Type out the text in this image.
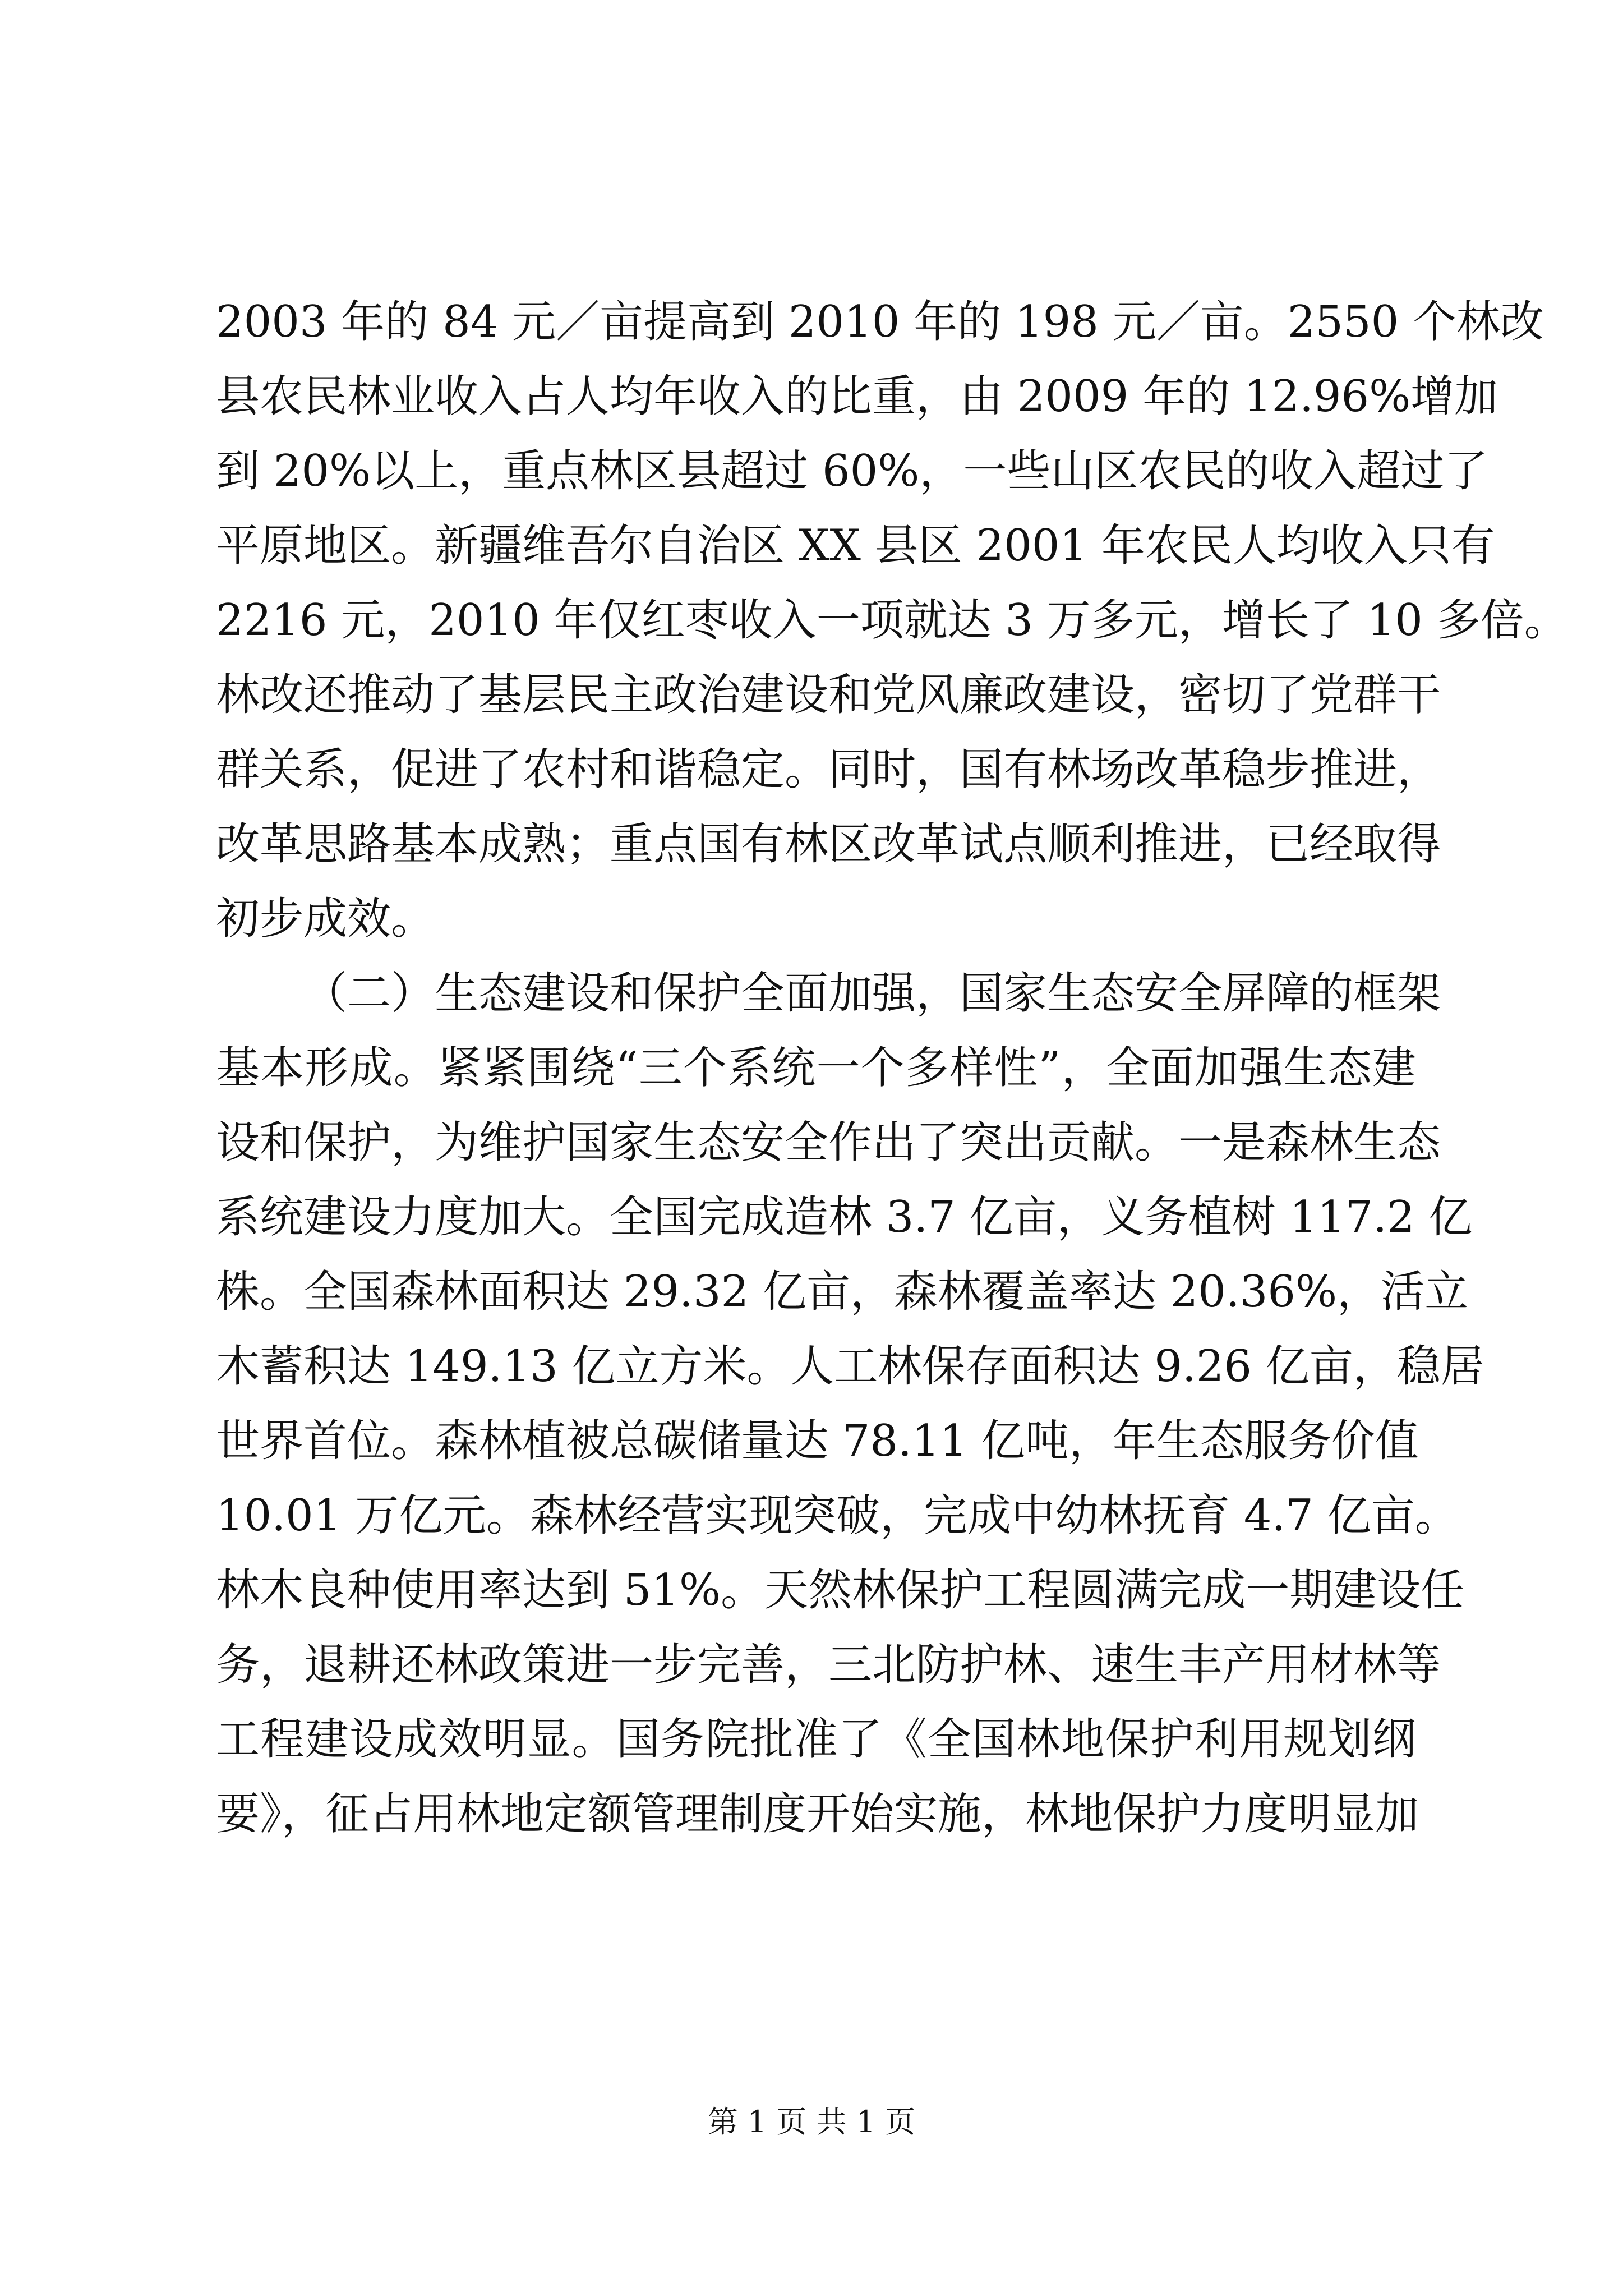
2003 年的 84 元／亩提高到 2010 年的 198 元／亩。2550 个林改
县农民林业收入占人均年收入的比重，由 2009 年的 12.96%增加
到 20%以上，重点林区县超过 60%，一些山区农民的收入超过了
平原地区。新疆维吾尔自治区 XX 县区 2001 年农民人均收入只有
2216 元，2010 年仅红枣收入一项就达 3 万多元，增长了 10 多倍。
林改还推动了基层民主政治建设和党风廉政建设，密切了党群干
群关系，促进了农村和谐稳定。同时，国有林场改革稳步推进，
改革思路基本成熟；重点国有林区改革试点顺利推进，已经取得
初步成效。
（二）生态建设和保护全面加强，国家生态安全屏障的框架
基本形成。紧紧围绕“三个系统一个多样性”，全面加强生态建
设和保护，为维护国家生态安全作出了突出贡献。一是森林生态
系统建设力度加大。全国完成造林 3.7 亿亩，义务植树 117.2 亿
株。全国森林面积达 29.32 亿亩，森林覆盖率达 20.36%，活立
木蓄积达 149.13 亿立方米。人工林保存面积达 9.26 亿亩，稳居
世界首位。森林植被总碳储量达 78.11 亿吨，年生态服务价值
10.01 万亿元。森林经营实现突破，完成中幼林抚育 4.7 亿亩。
林木良种使用率达到 51%。天然林保护工程圆满完成一期建设任
务，退耕还林政策进一步完善，三北防护林、速生丰产用材林等
工程建设成效明显。国务院批准了《全国林地保护利用规划纲
要》，征占用林地定额管理制度开始实施，林地保护力度明显加
第 1 页 共 1 页
